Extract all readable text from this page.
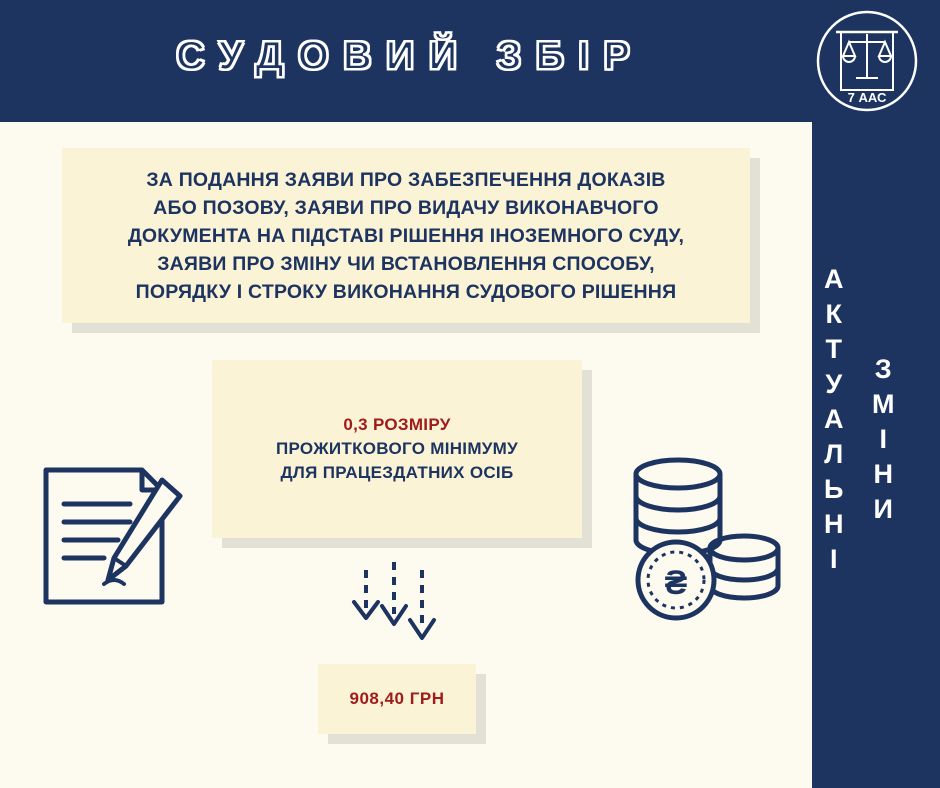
СУДОВИЙ ЗБІР
7 ААС

ЗА ПОДАННЯ ЗАЯВИ ПРО ЗАБЕЗПЕЧЕННЯ ДОКАЗІВ
АБО ПОЗОВУ, ЗАЯВИ ПРО ВИДАЧУ ВИКОНАВЧОГО
ДОКУМЕНТА НА ПІДСТАВІ РІШЕННЯ ІНОЗЕМНОГО СУДУ,
ЗАЯВИ ПРО ЗМІНУ ЧИ ВСТАНОВЛЕННЯ СПОСОБУ,
ПОРЯДКУ І СТРОКУ ВИКОНАННЯ СУДОВОГО РІШЕННЯ

0,3 РОЗМІРУ
ПРОЖИТКОВОГО МІНІМУМУ
ДЛЯ ПРАЦЕЗДАТНИХ ОСІБ
908,40 ГРН
₴
А
К
Т
У
А
Л
Ь
Н
І
З
М
І
Н
И
